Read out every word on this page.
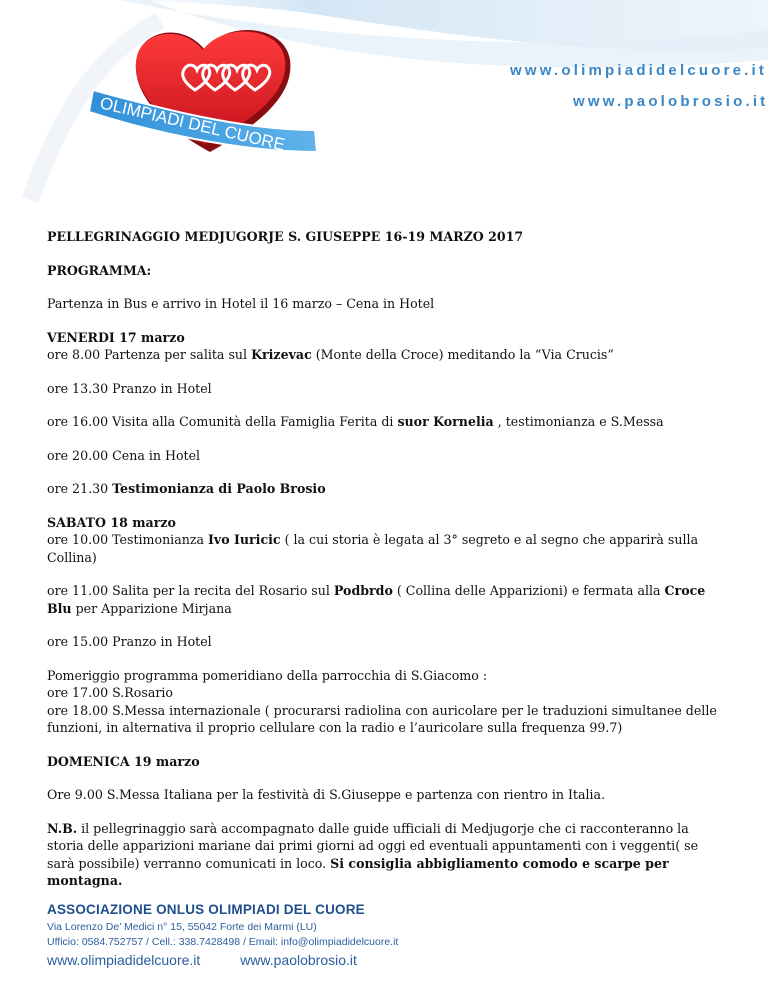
OLIMPIADI DEL CUORE
www.olimpiadidelcuore.it
www.paolobrosio.it

PELLEGRINAGGIO MEDJUGORJE S. GIUSEPPE 16-19 MARZO 2017

PROGRAMMA:

Partenza in Bus e arrivo in Hotel il 16 marzo – Cena in Hotel

VENERDI 17 marzo

ore 8.00 Partenza per salita sul Krizevac (Monte della Croce) meditando la “Via Crucis”

ore 13.30 Pranzo in Hotel

ore 16.00 Visita alla Comunità della Famiglia Ferita di suor Kornelia , testimonianza e S.Messa

ore 20.00 Cena in Hotel

ore 21.30 Testimonianza di Paolo Brosio

SABATO 18 marzo

ore 10.00 Testimonianza Ivo Iuricic ( la cui storia è legata al 3° segreto e al segno che apparirà sulla Collina)

ore 11.00 Salita per la recita del Rosario sul Podbrdo ( Collina delle Apparizioni) e fermata alla Croce Blu per Apparizione Mirjana

ore 15.00 Pranzo in Hotel

Pomeriggio programma pomeridiano della parrocchia di S.Giacomo :

ore 17.00 S.Rosario

ore 18.00 S.Messa internazionale ( procurarsi radiolina con auricolare per le traduzioni simultanee delle funzioni, in alternativa il proprio cellulare con la radio e l’auricolare sulla frequenza 99.7)

DOMENICA 19 marzo

Ore 9.00 S.Messa Italiana per la festività di S.Giuseppe e partenza con rientro in Italia.

N.B. il pellegrinaggio sarà accompagnato dalle guide ufficiali di Medjugorje che ci racconteranno la storia delle apparizioni mariane dai primi giorni ad oggi ed eventuali appuntamenti con i veggenti( se sarà possibile) verranno comunicati in loco. Si consiglia abbigliamento comodo e scarpe per montagna.

ASSOCIAZIONE ONLUS OLIMPIADI DEL CUORE
Via Lorenzo De’ Medici n° 15, 55042 Forte dei Marmi (LU)
Ufficio: 0584.752757 / Cell.: 338.7428498 / Email: info@olimpiadidelcuore.it
www.olimpiadidelcuore.it	www.paolobrosio.it
